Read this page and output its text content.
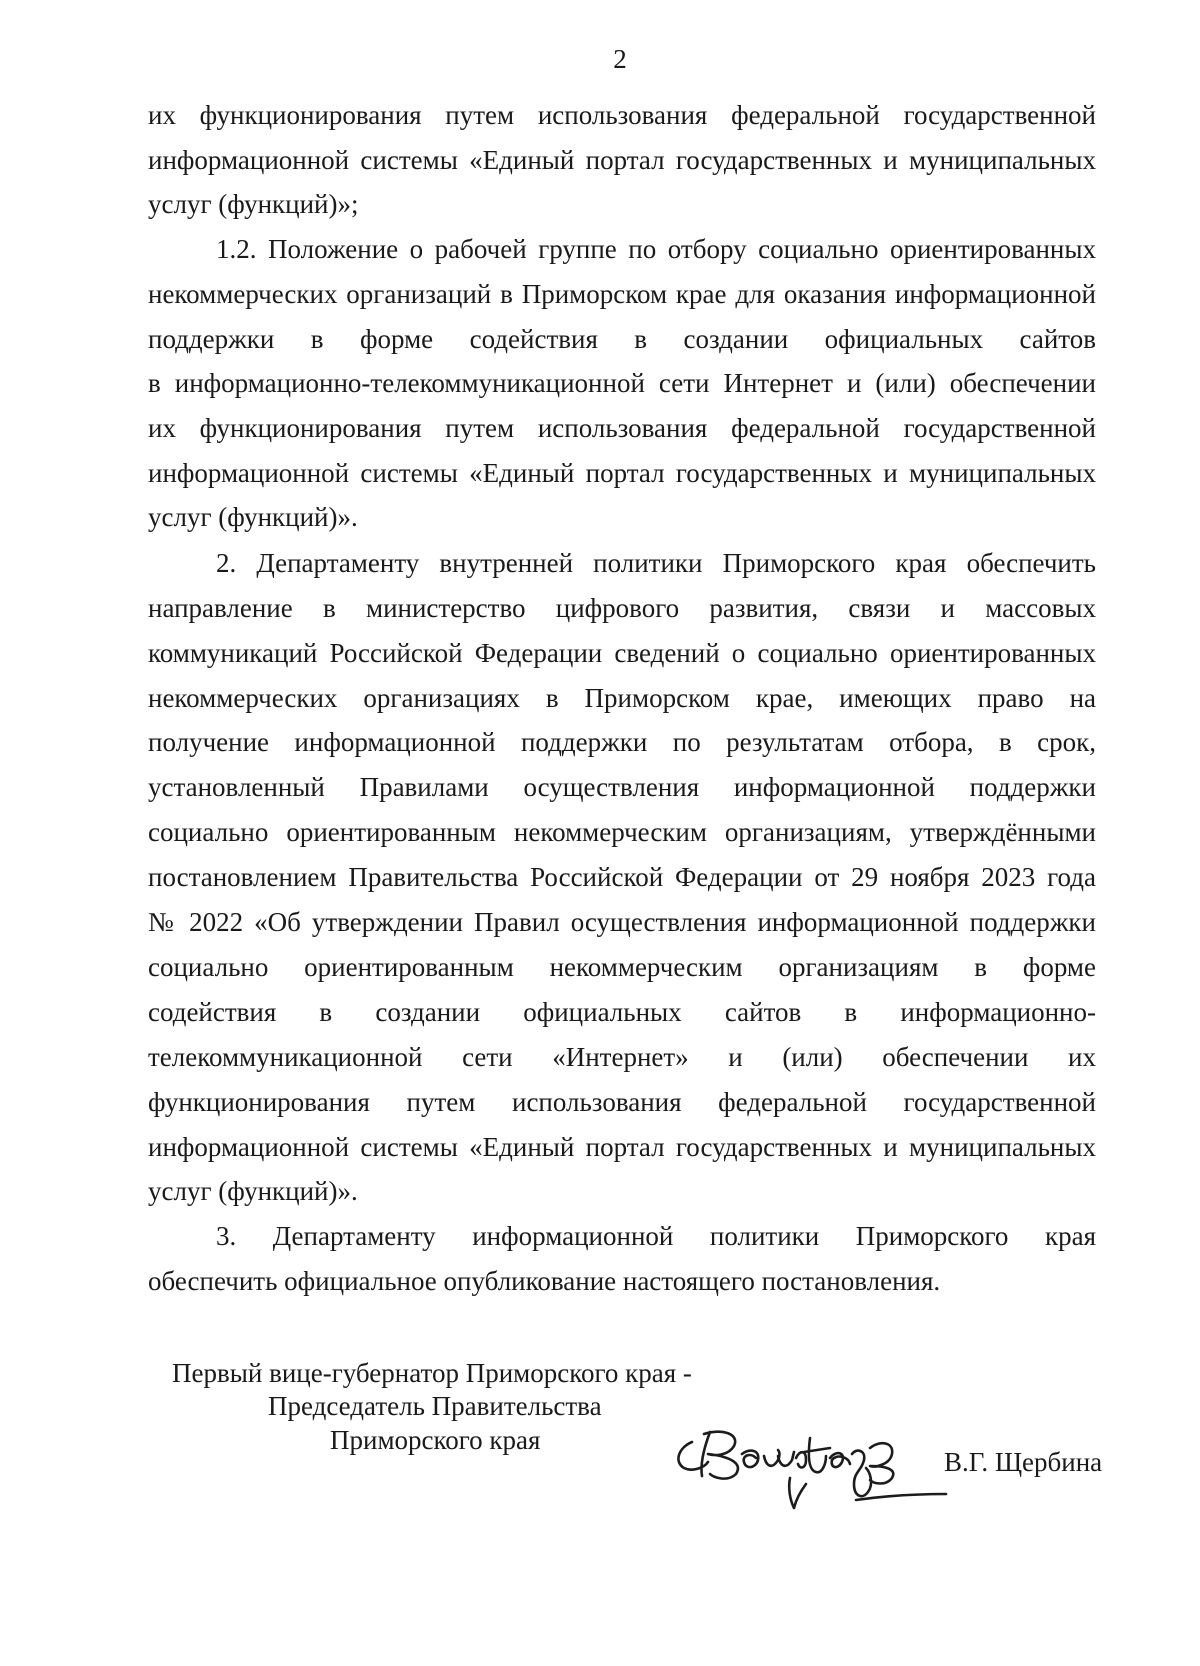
2
их функционирования путем использования федеральной государственной
информационной системы «Единый портал государственных и муниципальных
услуг (функций)»;
1.2. Положение о рабочей группе по отбору социально ориентированных
некоммерческих организаций в Приморском крае для оказания информационной
поддержки в форме содействия в создании официальных сайтов
в информационно-телекоммуникационной сети Интернет и (или) обеспечении
их функционирования путем использования федеральной государственной
информационной системы «Единый портал государственных и муниципальных
услуг (функций)».
2. Департаменту внутренней политики Приморского края обеспечить
направление в министерство цифрового развития, связи и массовых
коммуникаций Российской Федерации сведений о социально ориентированных
некоммерческих организациях в Приморском крае, имеющих право на
получение информационной поддержки по результатам отбора, в срок,
установленный Правилами осуществления информационной поддержки
социально ориентированным некоммерческим организациям, утверждёнными
постановлением Правительства Российской Федерации от 29 ноября 2023 года
№ 2022 «Об утверждении Правил осуществления информационной поддержки
социально ориентированным некоммерческим организациям в форме
содействия в создании официальных сайтов в информационно-
телекоммуникационной сети «Интернет» и (или) обеспечении их
функционирования путем использования федеральной государственной
информационной системы «Единый портал государственных и муниципальных
услуг (функций)».
3. Департаменту информационной политики Приморского края
обеспечить официальное опубликование настоящего постановления.
Первый вице-губернатор Приморского края -
Председатель Правительства
Приморского края
В.Г. Щербина
